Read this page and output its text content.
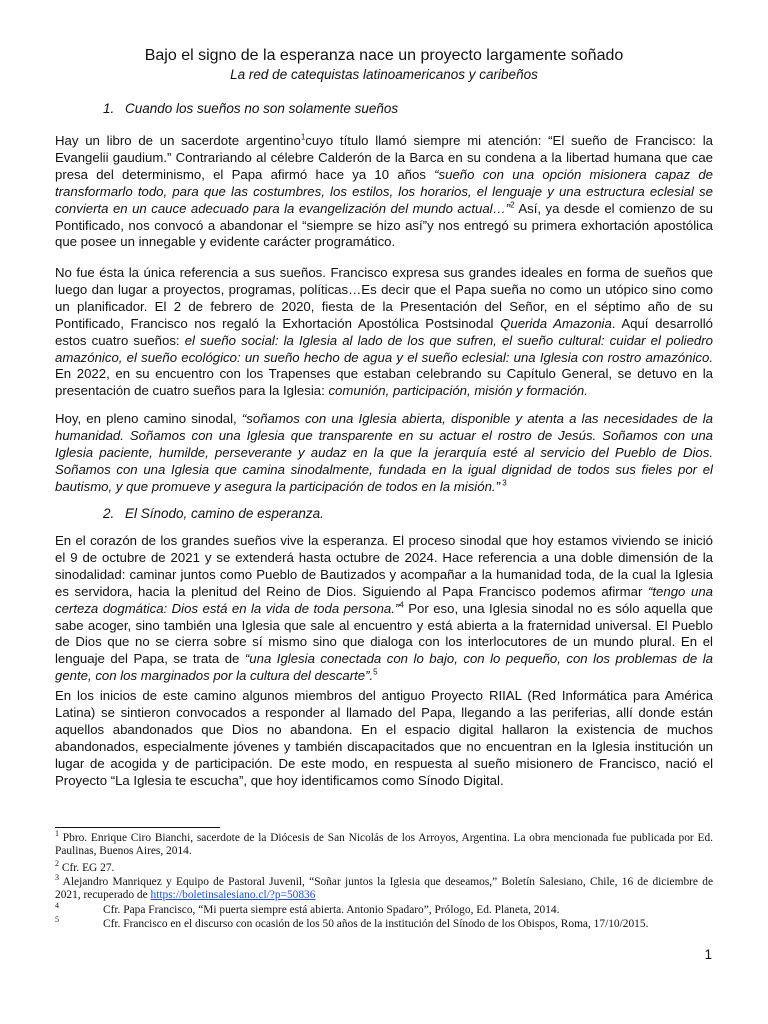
Bajo el signo de la esperanza nace un proyecto largamente soñado
La red de catequistas latinoamericanos y caribeños
1. Cuando los sueños no son solamente sueños
Hay un libro de un sacerdote argentino$^1$cuyo título llamó siempre mi atención: “El sueño de Francisco: la Evangelii gaudium.” Contrariando al célebre Calderón de la Barca en su condena a la libertad humana que cae presa del determinismo, el Papa afirmó hace ya 10 años “sueño con una opción misionera capaz de transformarlo todo, para que las costumbres, los estilos, los horarios, el lenguaje y una estructura eclesial se convierta en un cauce adecuado para la evangelización del mundo actual…”$^2$ Así, ya desde el comienzo de su Pontificado, nos convocó a abandonar el “siempre se hizo así”y nos entregó su primera exhortación apostólica que posee un innegable y evidente carácter programático.
No fue ésta la única referencia a sus sueños. Francisco expresa sus grandes ideales en forma de sueños que luego dan lugar a proyectos, programas, políticas…Es decir que el Papa sueña no como un utópico sino como un planificador. El 2 de febrero de 2020, fiesta de la Presentación del Señor, en el séptimo año de su Pontificado, Francisco nos regaló la Exhortación Apostólica Postsinodal Querida Amazonia. Aquí desarrolló estos cuatro sueños: el sueño social: la Iglesia al lado de los que sufren, el sueño cultural: cuidar el poliedro amazónico, el sueño ecológico: un sueño hecho de agua y el sueño eclesial: una Iglesia con rostro amazónico. En 2022, en su encuentro con los Trapenses que estaban celebrando su Capítulo General, se detuvo en la presentación de cuatro sueños para la Iglesia: comunión, participación, misión y formación.
Hoy, en pleno camino sinodal, “soñamos con una Iglesia abierta, disponible y atenta a las necesidades de la humanidad. Soñamos con una Iglesia que transparente en su actuar el rostro de Jesús. Soñamos con una Iglesia paciente, humilde, perseverante y audaz en la que la jerarquía esté al servicio del Pueblo de Dios. Soñamos con una Iglesia que camina sinodalmente, fundada en la igual dignidad de todos sus fieles por el bautismo, y que promueve y asegura la participación de todos en la misión.” $^3$
2. El Sínodo, camino de esperanza.
En el corazón de los grandes sueños vive la esperanza. El proceso sinodal que hoy estamos viviendo se inició el 9 de octubre de 2021 y se extenderá hasta octubre de 2024. Hace referencia a una doble dimensión de la sinodalidad: caminar juntos como Pueblo de Bautizados y acompañar a la humanidad toda, de la cual la Iglesia es servidora, hacia la plenitud del Reino de Dios. Siguiendo al Papa Francisco podemos afirmar “tengo una certeza dogmática: Dios está en la vida de toda persona.”$^4$ Por eso, una Iglesia sinodal no es sólo aquella que sabe acoger, sino también una Iglesia que sale al encuentro y está abierta a la fraternidad universal. El Pueblo de Dios que no se cierra sobre sí mismo sino que dialoga con los interlocutores de un mundo plural. En el lenguaje del Papa, se trata de “una Iglesia conectada con lo bajo, con lo pequeño, con los problemas de la gente, con los marginados por la cultura del descarte”.$^5$
En los inicios de este camino algunos miembros del antiguo Proyecto RIIAL (Red Informática para América Latina) se sintieron convocados a responder al llamado del Papa, llegando a las periferias, allí donde están aquellos abandonados que Dios no abandona. En el espacio digital hallaron la existencia de muchos abandonados, especialmente jóvenes y también discapacitados que no encuentran en la Iglesia institución un lugar de acogida y de participación. De este modo, en respuesta al sueño misionero de Francisco, nació el Proyecto “La Iglesia te escucha”, que hoy identificamos como Sínodo Digital.
$^1$ Pbro. Enrique Ciro Bianchi, sacerdote de la Diócesis de San Nicolás de los Arroyos, Argentina. La obra mencionada fue publicada por Ed. Paulinas, Buenos Aires, 2014.
$^2$ Cfr. EG 27.
$^3$ Alejandro Manriquez y Equipo de Pastoral Juvenil, “Soñar juntos la Iglesia que deseamos,” Boletín Salesiano, Chile, 16 de diciembre de 2021, recuperado de https://boletinsalesiano.cl/?p=50836
$^4$	Cfr. Papa Francisco, “Mi puerta siempre está abierta. Antonio Spadaro”, Prólogo, Ed. Planeta, 2014.
$^5$	Cfr. Francisco en el discurso con ocasión de los 50 años de la institución del Sínodo de los Obispos, Roma, 17/10/2015.
1
